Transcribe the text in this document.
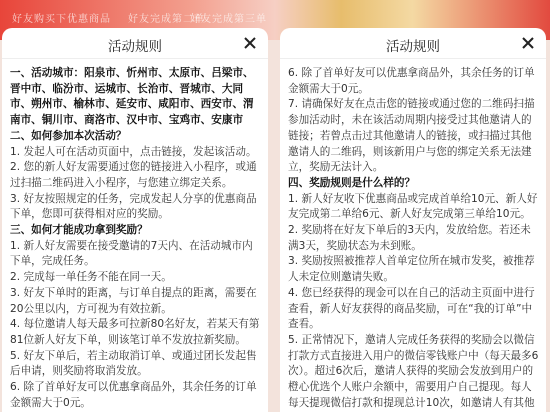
好友购买下优惠商品 好友完成第二单
好友完成第三单
活动规则

一、活动城市：阳泉市、忻州市、太原市、吕梁市、晋中市、临汾市、运城市、长治市、晋城市、大同市、朔州市、榆林市、延安市、咸阳市、西安市、渭南市、铜川市、商洛市、汉中市、宝鸡市、安康市

二、如何参加本次活动？

1. 发起人可在活动页面中，点击链接，发起该活动。

2. 您的新人好友需要通过您的链接进入小程序，或通过扫描二维码进入小程序，与您建立绑定关系。

3. 好友按照规定的任务，完成发起人分享的优惠商品下单，您即可获得相对应的奖励。

三、如何才能成功拿到奖励？

1. 新人好友需要在接受邀请的7天内、在活动城市内下单，完成任务。

2. 完成每一单任务不能在同一天。

3. 好友下单时的距离，与订单自提点的距离，需要在20公里以内，方可视为有效拉新。

4. 每位邀请人每天最多可拉新80名好友，若某天有第81位新人好友下单，则该笔订单不发放拉新奖励。

5. 好友下单后，若主动取消订单、或通过团长发起售后申请，则奖励将取消发放。

6. 除了首单好友可以优惠拿商品外，其余任务的订单金额需大于0元。

活动规则

6. 除了首单好友可以优惠拿商品外，其余任务的订单金额需大于0元。

7. 请确保好友在点击您的链接或通过您的二维码扫描参加活动时，未在该活动周期内接受过其他邀请人的链接；若曾点击过其他邀请人的链接，或扫描过其他邀请人的二维码，则该新用户与您的绑定关系无法建立，奖励无法计入。

四、奖励规则是什么样的？

1. 新人好友收下优惠商品或完成首单给10元、新人好友完成第二单给6元、新人好友完成第三单给10元。

2. 奖励将在好友下单后的3天内，发放给您。若还未满3天，奖励状态为未到账。

3. 奖励按照被推荐人首单定位所在城市发奖，被推荐人未定位则邀请失败。

4. 您已经获得的现金可以在自己的活动主页面中进行查看，新人好友获得的商品奖励，可在“我的订单”中查看。

5. 正常情况下，邀请人完成任务获得的奖励会以微信打款方式直接进入用户的微信零钱账户中（每天最多6次）。超过6次后，邀请人获得的奖励会发放到用户的橙心优选个人账户余额中，需要用户自己提现。每人每天提现微信打款和提现总计10次，如邀请人有其他
